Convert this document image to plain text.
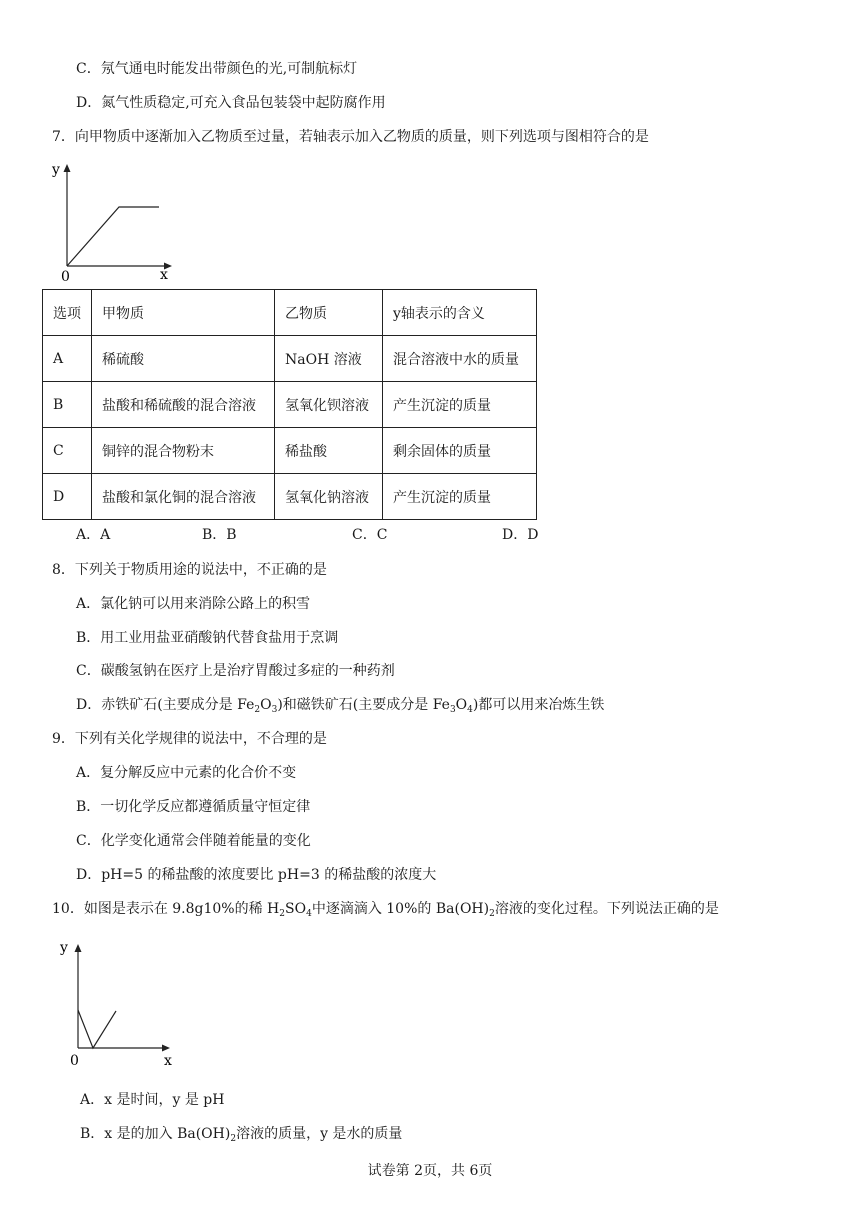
C．氖气通电时能发出带颜色的光,可制航标灯
D．氮气性质稳定,可充入食品包装袋中起防腐作用
7．向甲物质中逐渐加入乙物质至过量，若轴表示加入乙物质的质量，则下列选项与图相符合的是
y
x
0
选项	甲物质	乙物质	y轴表示的含义
A	稀硫酸	NaOH 溶液	混合溶液中水的质量
B	盐酸和稀硫酸的混合溶液	氢氧化钡溶液	产生沉淀的质量
C	铜锌的混合物粉末	稀盐酸	剩余固体的质量
D	盐酸和氯化铜的混合溶液	氢氧化钠溶液	产生沉淀的质量
A．A	B．B	C．C	D．D
8．下列关于物质用途的说法中，不正确的是
A．氯化钠可以用来消除公路上的积雪
B．用工业用盐亚硝酸钠代替食盐用于烹调
C．碳酸氢钠在医疗上是治疗胃酸过多症的一种药剂
D．赤铁矿石(主要成分是 $Fe_2O_3$)和磁铁矿石(主要成分是 $Fe_3O_4$)都可以用来冶炼生铁
9．下列有关化学规律的说法中，不合理的是
A．复分解反应中元素的化合价不变
B．一切化学反应都遵循质量守恒定律
C．化学变化通常会伴随着能量的变化
D．pH=5 的稀盐酸的浓度要比 pH=3 的稀盐酸的浓度大
10．如图是表示在 9.8g10%的稀 $H_2SO_4$中逐滴滴入 10%的 $Ba(OH)_2$溶液的变化过程。下列说法正确的是
y
x
0
A．x 是时间，y 是 pH
B．x 是的加入 $Ba(OH)_2$溶液的质量，y 是水的质量
试卷第 2页，共 6页
